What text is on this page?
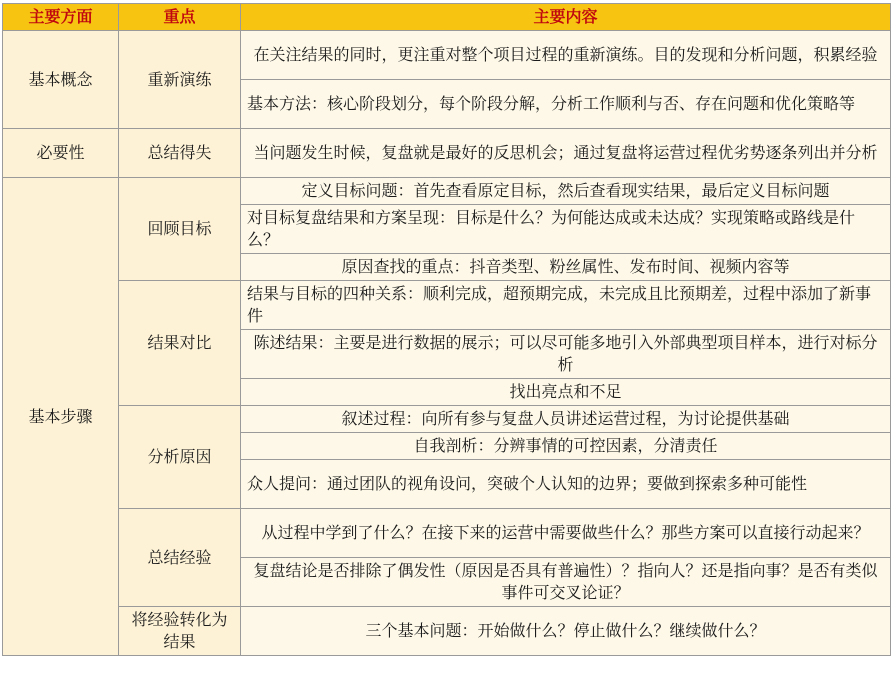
主要方面	重点	主要内容
基本概念	重新演练	在关注结果的同时，更注重对整个项目过程的重新演练。目的发现和分析问题，积累经验
		基本方法：核心阶段划分，每个阶段分解，分析工作顺利与否、存在问题和优化策略等
必要性	总结得失	当问题发生时候，复盘就是最好的反思机会；通过复盘将运营过程优劣势逐条列出并分析
基本步骤	回顾目标	定义目标问题：首先查看原定目标，然后查看现实结果，最后定义目标问题
		对目标复盘结果和方案呈现：目标是什么？为何能达成或未达成？实现策略或路线是什么？
		原因查找的重点：抖音类型、粉丝属性、发布时间、视频内容等
	结果对比	结果与目标的四种关系：顺利完成，超预期完成，未完成且比预期差，过程中添加了新事件
		陈述结果：主要是进行数据的展示；可以尽可能多地引入外部典型项目样本，进行对标分析
		找出亮点和不足
	分析原因	叙述过程：向所有参与复盘人员讲述运营过程，为讨论提供基础
		自我剖析：分辨事情的可控因素，分清责任
		众人提问：通过团队的视角设问，突破个人认知的边界；要做到探索多种可能性
	总结经验	从过程中学到了什么？在接下来的运营中需要做些什么？那些方案可以直接行动起来？
		复盘结论是否排除了偶发性（原因是否具有普遍性）？指向人？还是指向事？是否有类似事件可交叉论证？
	将经验转化为结果	三个基本问题：开始做什么？停止做什么？继续做什么？
